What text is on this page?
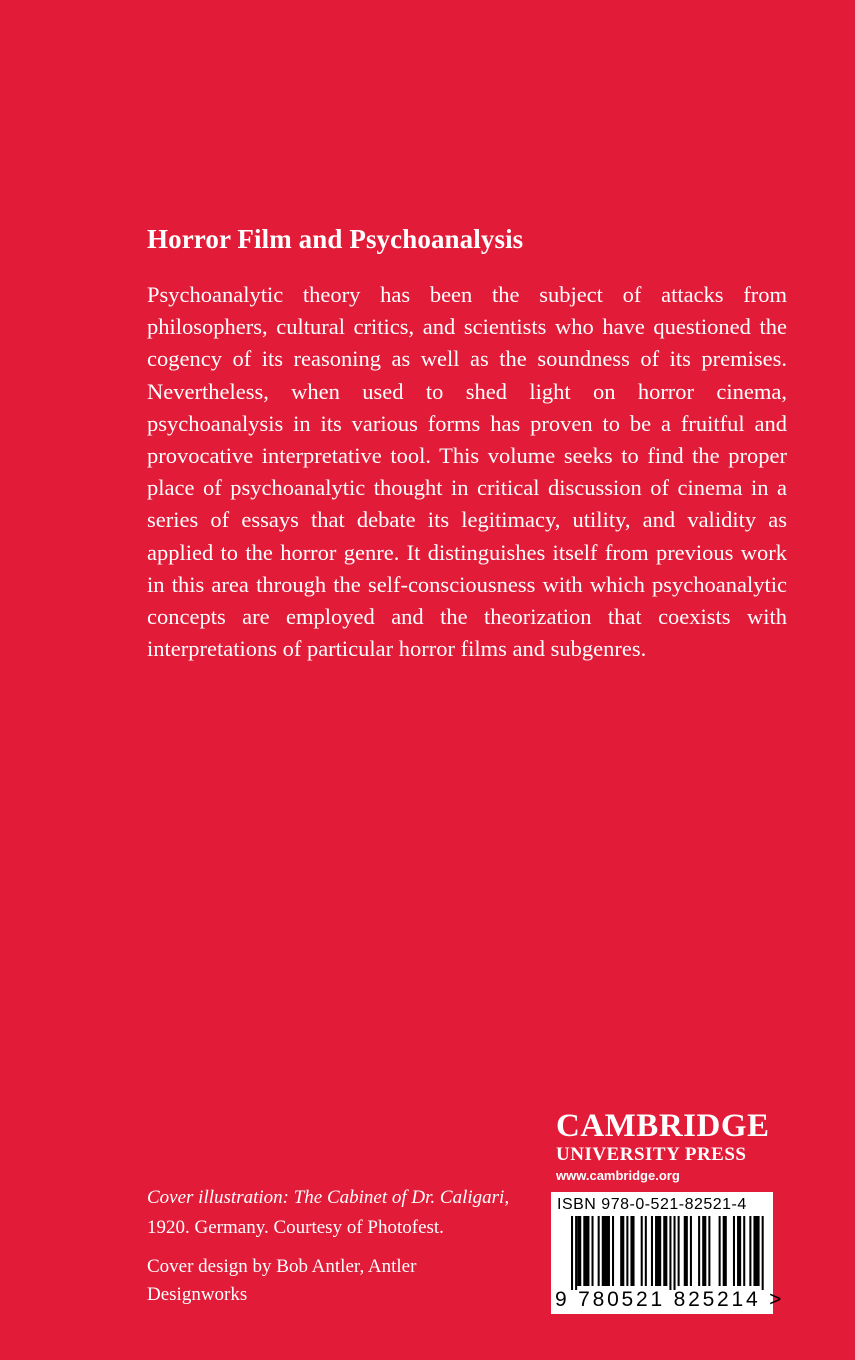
Horror Film and Psychoanalysis

Psychoanalytic theory has been the subject of attacks from philosophers, cultural critics, and scientists who have questioned the cogency of its reasoning as well as the soundness of its premises. Nevertheless, when used to shed light on horror cinema, psychoanalysis in its various forms has proven to be a fruitful and provocative interpretative tool. This volume seeks to find the proper place of psychoanalytic thought in critical discussion of cinema in a series of essays that debate its legitimacy, utility, and validity as applied to the horror genre. It distinguishes itself from previous work in this area through the self-consciousness with which psychoanalytic concepts are employed and the theorization that coexists with interpretations of particular horror films and subgenres.

Cover illustration: The Cabinet of Dr. Caligari, 1920. Germany. Courtesy of Photofest.
Cover design by Bob Antler, Antler Designworks
CAMBRIDGE
UNIVERSITY PRESS
www.cambridge.org
ISBN 978-0-521-82521-4
9 780521 825214 >
